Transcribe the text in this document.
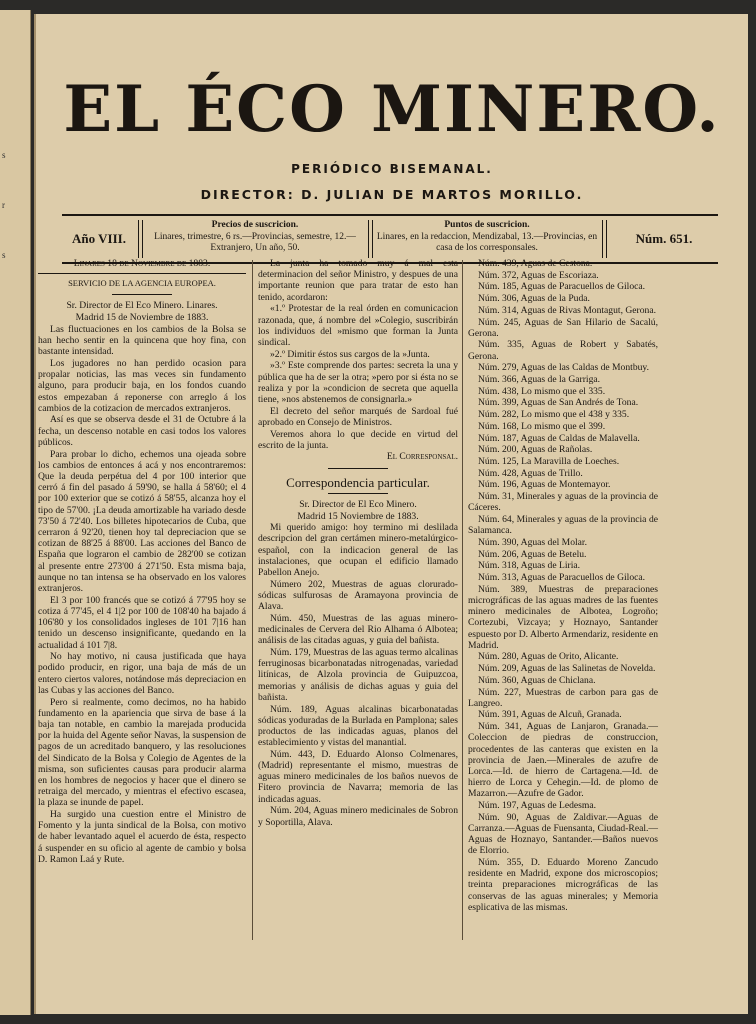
s
r
s
EL ÉCO MINERO.
PERIÓDICO BISEMANAL.
DIRECTOR: D. JULIAN DE MARTOS MORILLO.
Año VIII.
Precios de suscricion.
Linares, trimestre, 6 rs.—Provincias, semestre, 12.—Extranjero, Un año, 50.
Puntos de suscricion.
Linares, en la redaccion, Mendizabal, 13.—Provincias, en casa de los corresponsales.
Núm. 651.

Linares 18 de Noviembre de 1883.

SERVICIO DE LA AGENCIA EUROPEA.

Sr. Director de El Eco Minero. Linares.

Madrid 15 de Noviembre de 1883.

Las fluctuaciones en los cambios de la Bolsa se han hecho sentir en la quincena que hoy fina, con bastante intensidad.

Los jugadores no han perdido ocasion para propalar noticias, las mas veces sin fundamento alguno, para producir baja, en los fondos cuando estos empezaban á reponerse con arreglo á los cambios de la cotizacion de mercados extranjeros.

Así es que se observa desde el 31 de Octubre á la fecha, un descenso notable en casi todos los valores públicos.

Para probar lo dicho, echemos una ojeada sobre los cambios de entonces á acá y nos encontraremos: Que la deuda perpétua del 4 por 100 interior que cerró á fin del pasado á 59'90, se halla á 58'60; el 4 por 100 exterior que se cotizó á 58'55, alcanza hoy el tipo de 57'00. ¡La deuda amortizable ha variado desde 73'50 á 72'40. Los billetes hipotecarios de Cuba, que cerraron á 92'20, tienen hoy tal depreciacion que se cotizan de 88'25 á 88'00. Las acciones del Banco de España que lograron el cambio de 282'00 se cotizan al presente entre 273'00 á 271'50. Esta misma baja, aunque no tan intensa se ha observado en los valores extranjeros.

El 3 por 100 francés que se cotizó á 77'95 hoy se cotiza á 77'45, el 4 1|2 por 100 de 108'40 ha bajado á 106'80 y los consolidados ingleses de 101 7|16 han tenido un descenso insignificante, quedando en la actualidad á 101 7|8.

No hay motivo, ni causa justificada que haya podido producir, en rigor, una baja de más de un entero ciertos valores, notándose más depreciacion en las Cubas y las acciones del Banco.

Pero si realmente, como decimos, no ha habido fundamento en la apariencia que sirva de base á la baja tan notable, en cambio la marejada producida por la huida del Agente señor Navas, la suspension de pagos de un acreditado banquero, y las resoluciones del Sindicato de la Bolsa y Colegio de Agentes de la misma, son suficientes causas para producir alarma en los hombres de negocios y hacer que el dinero se retraiga del mercado, y mientras el efectivo escasea, la plaza se inunde de papel.

Ha surgido una cuestion entre el Ministro de Fomento y la junta sindical de la Bolsa, con motivo de haber levantado aquel el acuerdo de ésta, respecto á suspender en su oficio al agente de cambio y bolsa D. Ramon Laá y Rute.

La junta ha tomado muy á mal esta determinacion del señor Ministro, y despues de una importante reunion que para tratar de esto han tenido, acordaron:

«1.º Protestar de la real órden en comunicacion razonada, que, á nombre del »Colegio, suscribirán los individuos del »mismo que forman la Junta sindical.

»2.º Dimitir éstos sus cargos de la »Junta.

»3.º Este comprende dos partes: secreta la una y pública que ha de ser la otra; »pero por si ésta no se realiza y por la »condicion de secreta que aquella tiene, »nos abstenemos de consignarla.»

El decreto del señor marqués de Sardoal fué aprobado en Consejo de Ministros.

Veremos ahora lo que decide en virtud del escrito de la junta.

El Corresponsal.

Correspondencia particular.

Sr. Director de El Eco Minero.

Madrid 15 Noviembre de 1883.

Mi querido amigo: hoy termino mi deslilada descripcion del gran certámen minero-metalúrgico-español, con la indicacion general de las instalaciones, que ocupan el edificio llamado Pabellon Anejo.

Número 202, Muestras de aguas clorurado-sódicas sulfurosas de Aramayona provincia de Alava.

Núm. 450, Muestras de las aguas minero-medicinales de Cervera del Rio Alhama ó Albotea; análisis de las citadas aguas, y guia del bañista.

Núm. 179, Muestras de las aguas termo alcalinas ferruginosas bicarbonatadas nitrogenadas, variedad litínicas, de Alzola provincia de Guipuzcoa, memorias y análisis de dichas aguas y guia del bañista.

Núm. 189, Aguas alcalinas bicarbonatadas sódicas yoduradas de la Burlada en Pamplona; sales productos de las indicadas aguas, planos del establecimiento y vistas del manantial.

Núm. 443, D. Eduardo Alonso Colmenares, (Madrid) representante el mismo, muestras de aguas minero medicinales de los baños nuevos de Fitero provincia de Navarra; memoria de las indicadas aguas.

Núm. 204, Aguas minero medicinales de Sobron y Soportilla, Alava.

Núm. 439, Aguas de Cestona.

Núm. 372, Aguas de Escoriaza.

Núm. 185, Aguas de Paracuellos de Giloca.

Núm. 306, Aguas de la Puda.

Núm. 314, Aguas de Rivas Montagut, Gerona.

Núm. 245, Aguas de San Hilario de Sacalú, Gerona.

Núm. 335, Aguas de Robert y Sabatés, Gerona.

Núm. 279, Aguas de las Caldas de Montbuy.

Núm. 366, Aguas de la Garriga.

Núm. 438, Lo mismo que el 335.

Núm. 399, Aguas de San Andrés de Tona.

Núm. 282, Lo mismo que el 438 y 335.

Núm. 168, Lo mismo que el 399.

Núm. 187, Aguas de Caldas de Malavella.

Núm. 200, Aguas de Rañolas.

Núm. 125, La Maravilla de Loeches.

Núm. 428, Aguas de Trillo.

Núm. 196, Aguas de Montemayor.

Núm. 31, Minerales y aguas de la provincia de Cáceres.

Núm. 64, Minerales y aguas de la provincia de Salamanca.

Núm. 390, Aguas del Molar.

Núm. 206, Aguas de Betelu.

Núm. 318, Aguas de Liria.

Núm. 313, Aguas de Paracuellos de Giloca.

Núm. 389, Muestras de preparaciones micrográficas de las aguas madres de las fuentes minero medicinales de Albotea, Logroño; Cortezubi, Vizcaya; y Hoznayo, Santander espuesto por D. Alberto Armendariz, residente en Madrid.

Núm. 280, Aguas de Orito, Alicante.

Núm. 209, Aguas de las Salinetas de Novelda.

Núm. 360, Aguas de Chiclana.

Núm. 227, Muestras de carbon para gas de Langreo.

Núm. 391, Aguas de Alcuñ, Granada.

Núm. 341, Aguas de Lanjaron, Granada.—Coleccion de piedras de construccion, procedentes de las canteras que existen en la provincia de Jaen.—Minerales de azufre de Lorca.—Id. de hierro de Cartagena.—Id. de hierro de Lorca y Cehegin.—Id. de plomo de Mazarron.—Azufre de Gador.

Núm. 197, Aguas de Ledesma.

Núm. 90, Aguas de Zaldivar.—Aguas de Carranza.—Aguas de Fuensanta, Ciudad-Real.—Aguas de Hoznayo, Santander.—Baños nuevos de Elorrio.

Núm. 355, D. Eduardo Moreno Zancudo residente en Madrid, expone dos microscopios; treinta preparaciones micrográficas de las conservas de las aguas minerales; y Memoria esplicativa de las mismas.
